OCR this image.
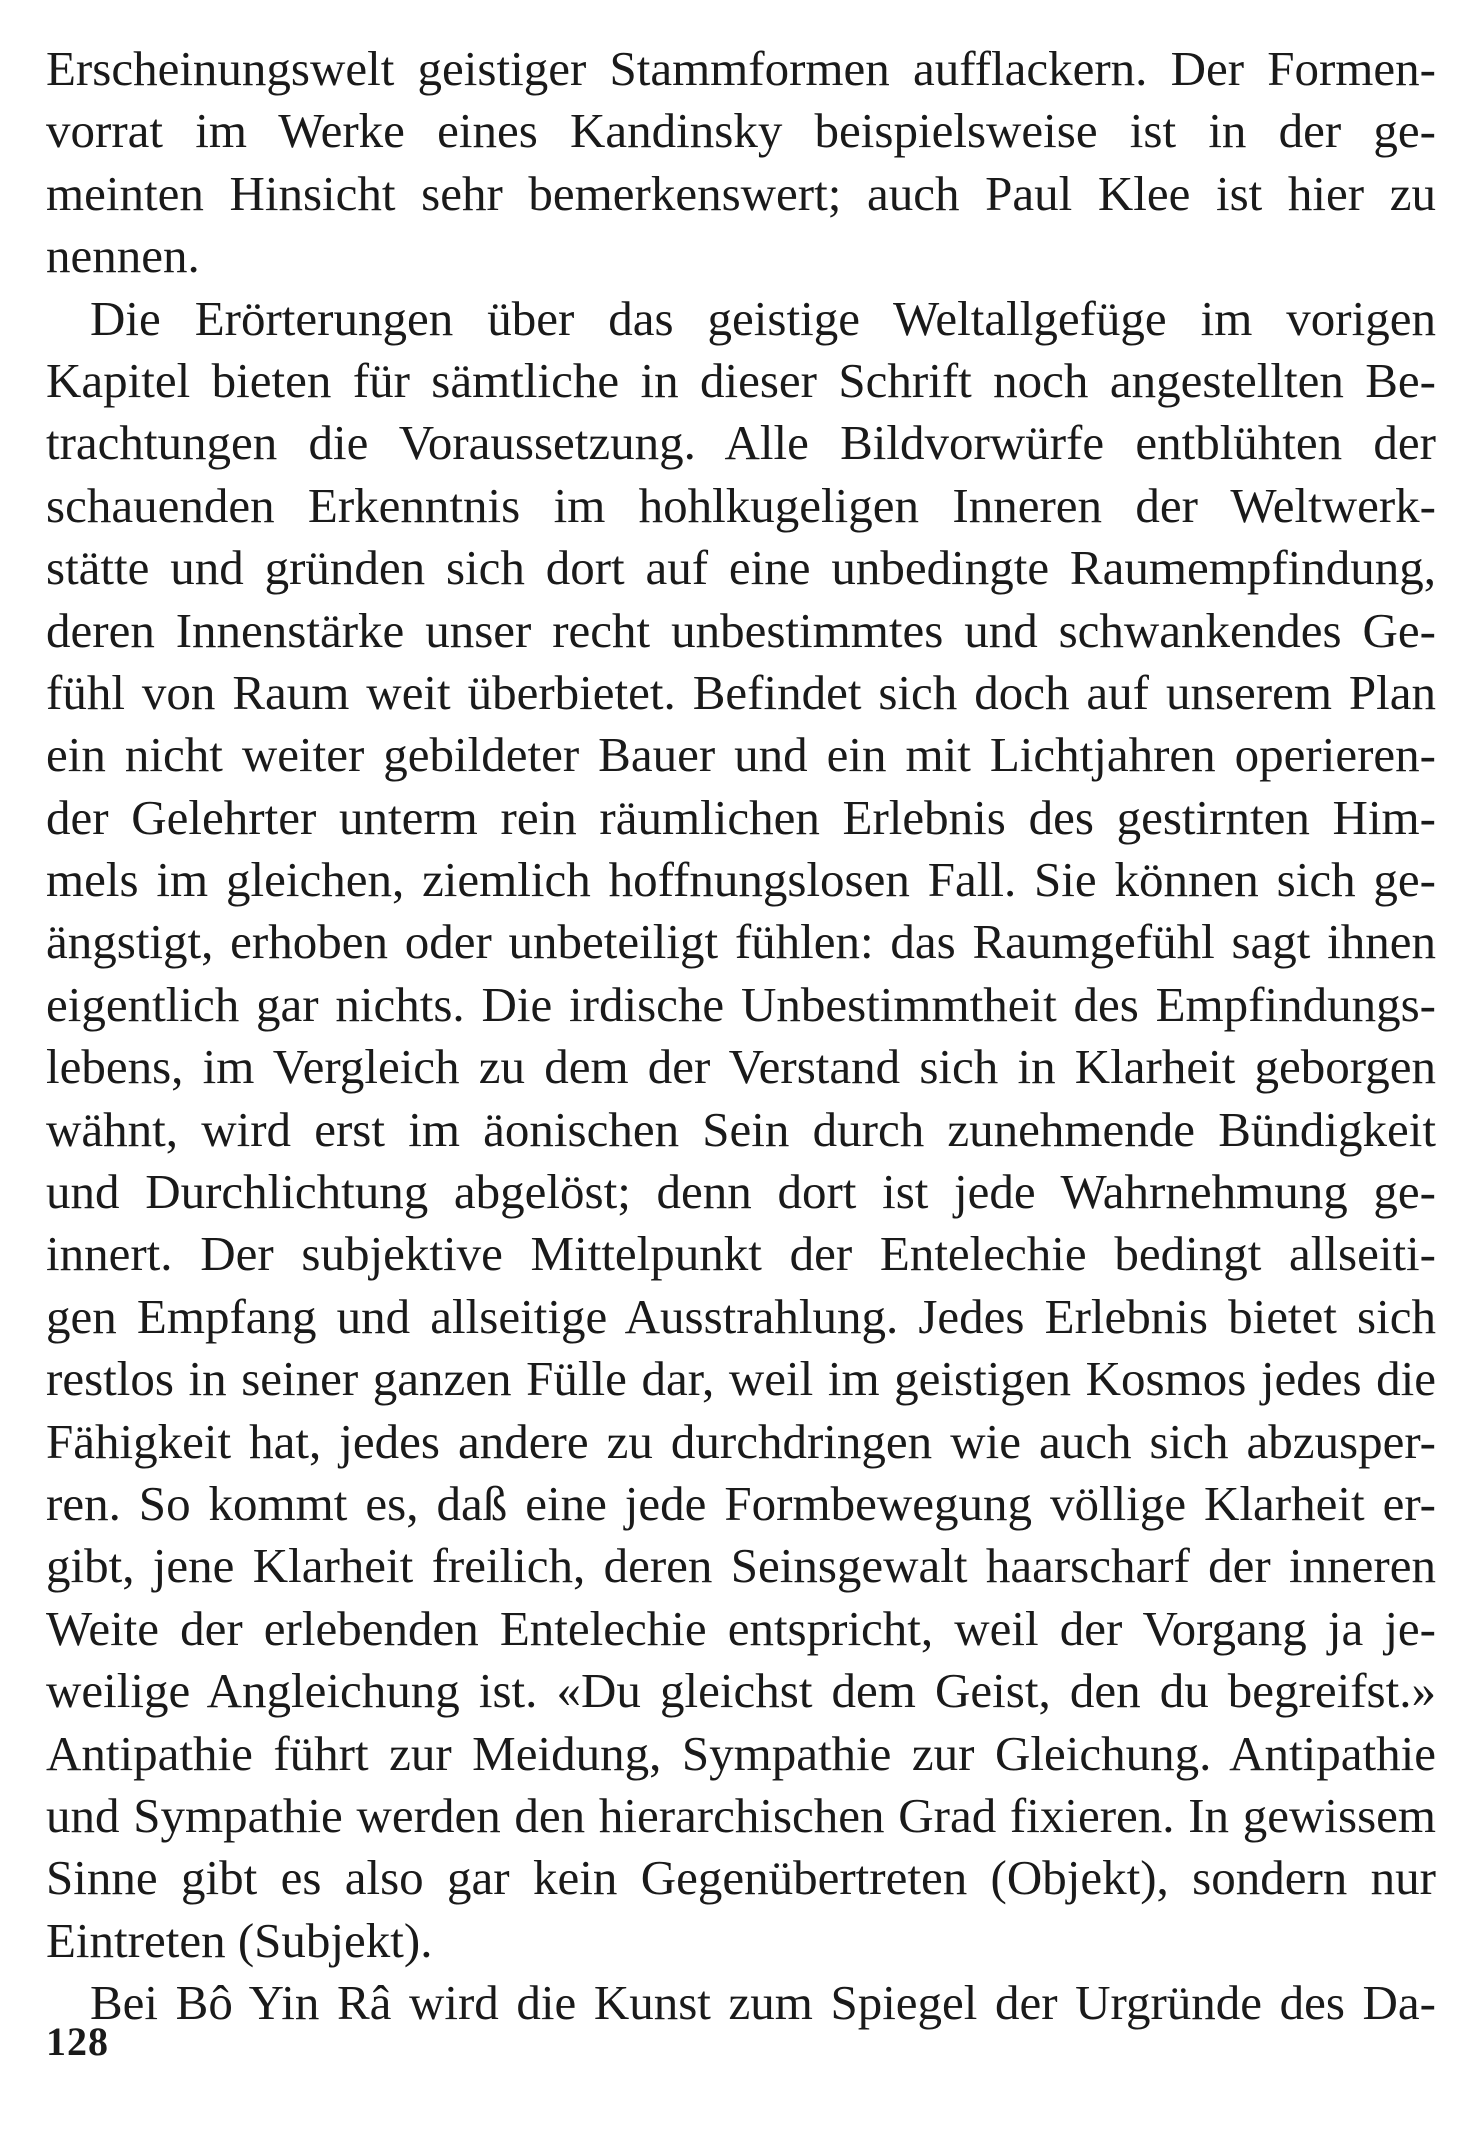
Erscheinungswelt geistiger Stammformen aufflackern. Der Formen-
vorrat im Werke eines Kandinsky beispielsweise ist in der ge-
meinten Hinsicht sehr bemerkenswert; auch Paul Klee ist hier zu
nennen.
Die Erörterungen über das geistige Weltallgefüge im vorigen
Kapitel bieten für sämtliche in dieser Schrift noch angestellten Be-
trachtungen die Voraussetzung. Alle Bildvorwürfe entblühten der
schauenden Erkenntnis im hohlkugeligen Inneren der Weltwerk-
stätte und gründen sich dort auf eine unbedingte Raumempfindung,
deren Innenstärke unser recht unbestimmtes und schwankendes Ge-
fühl von Raum weit überbietet. Befindet sich doch auf unserem Plan
ein nicht weiter gebildeter Bauer und ein mit Lichtjahren operieren-
der Gelehrter unterm rein räumlichen Erlebnis des gestirnten Him-
mels im gleichen, ziemlich hoffnungslosen Fall. Sie können sich ge-
ängstigt, erhoben oder unbeteiligt fühlen: das Raumgefühl sagt ihnen
eigentlich gar nichts. Die irdische Unbestimmtheit des Empfindungs-
lebens, im Vergleich zu dem der Verstand sich in Klarheit geborgen
wähnt, wird erst im äonischen Sein durch zunehmende Bündigkeit
und Durchlichtung abgelöst; denn dort ist jede Wahrnehmung ge-
innert. Der subjektive Mittelpunkt der Entelechie bedingt allseiti-
gen Empfang und allseitige Ausstrahlung. Jedes Erlebnis bietet sich
restlos in seiner ganzen Fülle dar, weil im geistigen Kosmos jedes die
Fähigkeit hat, jedes andere zu durchdringen wie auch sich abzusper-
ren. So kommt es, daß eine jede Formbewegung völlige Klarheit er-
gibt, jene Klarheit freilich, deren Seinsgewalt haarscharf der inneren
Weite der erlebenden Entelechie entspricht, weil der Vorgang ja je-
weilige Angleichung ist. «Du gleichst dem Geist, den du begreifst.»
Antipathie führt zur Meidung, Sympathie zur Gleichung. Antipathie
und Sympathie werden den hierarchischen Grad fixieren. In gewissem
Sinne gibt es also gar kein Gegenübertreten (Objekt), sondern nur
Eintreten (Subjekt).
Bei Bô Yin Râ wird die Kunst zum Spiegel der Urgründe des Da-
128
